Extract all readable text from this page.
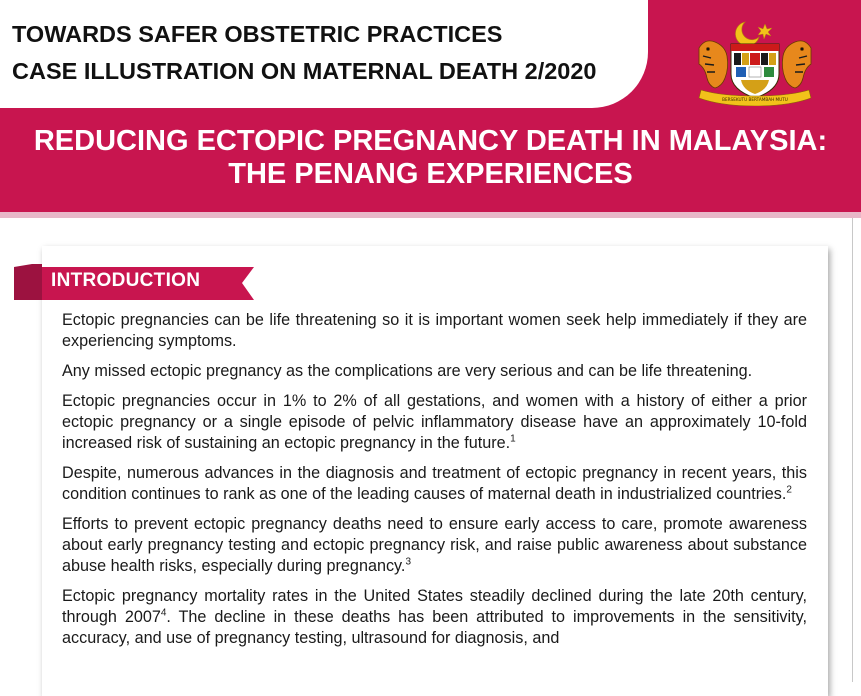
TOWARDS SAFER OBSTETRIC PRACTICES
CASE ILLUSTRATION ON MATERNAL DEATH 2/2020
BERSEKUTU BERTAMBAH MUTU
REDUCING ECTOPIC PREGNANCY DEATH IN MALAYSIA:
THE PENANG EXPERIENCES
INTRODUCTION

Ectopic pregnancies can be life threatening so it is important women seek help immediately if they are experiencing symptoms.

Any missed ectopic pregnancy as the complications are very serious and can be life threatening.

Ectopic pregnancies occur in 1% to 2% of all gestations, and women with a history of either a prior ectopic pregnancy or a single episode of pelvic inflammatory disease have an approximately 10-fold increased risk of sustaining an ectopic pregnancy in the future.$^1$

Despite, numerous advances in the diagnosis and treatment of ectopic pregnancy in recent years, this condition continues to rank as one of the leading causes of maternal death in industrialized countries.$^2$

Efforts to prevent ectopic pregnancy deaths need to ensure early access to care, promote awareness about early pregnancy testing and ectopic pregnancy risk, and raise public awareness about substance abuse health risks, especially during pregnancy.$^3$

Ectopic pregnancy mortality rates in the United States steadily declined during the late 20th century, through 2007$^4$. The decline in these deaths has been attributed to improvements in the sensitivity, accuracy, and use of pregnancy testing, ultrasound for diagnosis, and
